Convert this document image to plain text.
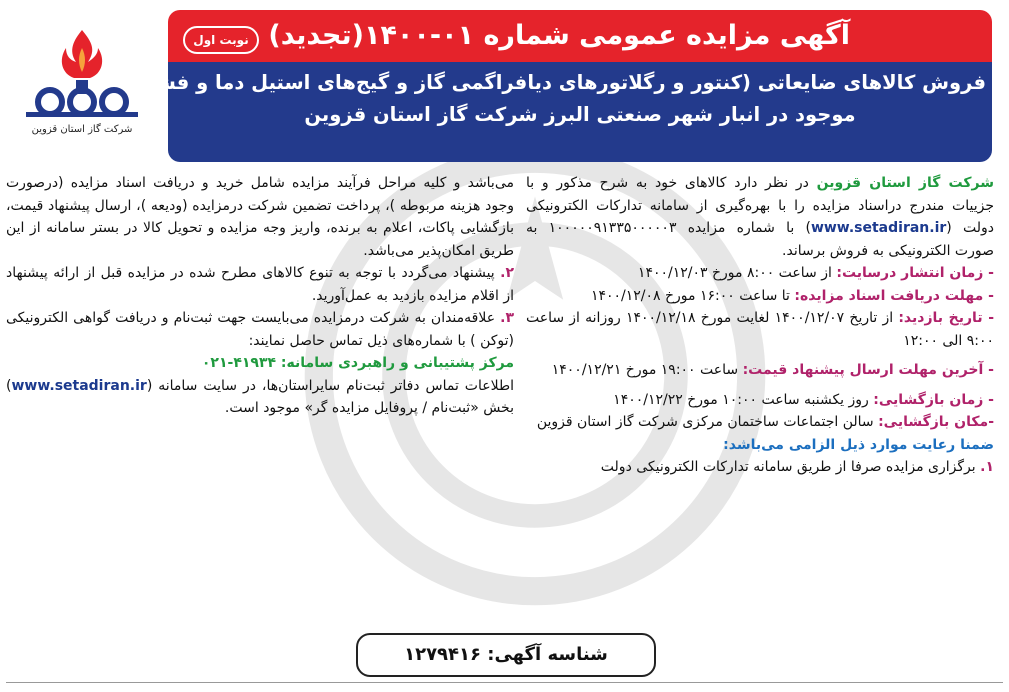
آگهی مزایده عمومی شماره ۰۱-۱۴۰۰(تجدید)
نوبت اول
فروش کالاهای ضایعاتی (کنتور و رگلاتورهای دیافراگمی گاز و گیج‌های استیل دما و فشار)
موجود در انبار شهر صنعتی البرز شرکت گاز استان قزوین
شرکت گاز استان قزوین

شرکت گاز استان قزوین در نظر دارد کالاهای خود به شرح مذکور و با جزییات مندرج دراسناد مزایده را با بهره‌گیری از سامانه تدارکات الکترونیکی دولت (www.setadiran.ir) با شماره مزایده ۱۰۰۰۰۰۹۱۳۳۵۰۰۰۰۰۳ به صورت الکترونیکی به فروش برساند.

- زمان انتشار درسایت: از ساعت ۸:۰۰ مورخ ۱۴۰۰/۱۲/۰۳

- مهلت دریافت اسناد مزایده: تا ساعت ۱۶:۰۰ مورخ ۱۴۰۰/۱۲/۰۸

- تاریخ بازدید: از تاریخ ۱۴۰۰/۱۲/۰۷ لغایت مورخ ۱۴۰۰/۱۲/۱۸ روزانه از ساعت ۹:۰۰ الی ۱۲:۰۰

- آخرین مهلت ارسال پیشنهاد قیمت: ساعت ۱۹:۰۰ مورخ ۱۴۰۰/۱۲/۲۱

- زمان بازگشایی: روز یکشنبه ساعت ۱۰:۰۰ مورخ ۱۴۰۰/۱۲/۲۲

-مکان بازگشایی: سالن اجتماعات ساختمان مرکزی شرکت گاز استان قزوین

ضمنا رعایت موارد ذیل الزامی می‌باشد:

۱. برگزاری مزایده صرفا از طریق سامانه تدارکات الکترونیکی دولت

می‌باشد و کلیه مراحل فرآیند مزایده شامل خرید و دریافت اسناد مزایده (درصورت وجود هزینه مربوطه )، پرداخت تضمین شرکت درمزایده (ودیعه )، ارسال پیشنهاد قیمت، بازگشایی پاکات، اعلام به برنده، واریز وجه مزایده و تحویل کالا در بستر سامانه از این طریق امکان‌پذیر می‌باشد.

۲. پیشنهاد می‌گردد با توجه به تنوع کالاهای مطرح شده در مزایده قبل از ارائه پیشنهاد از اقلام مزایده بازدید به عمل‌آورید.

۳. علاقه‌مندان به شرکت درمزایده می‌بایست جهت ثبت‌نام و دریافت گواهی الکترونیکی (توکن ) با شماره‌های ذیل تماس حاصل نمایند:

مرکز پشتیبانی و راهبردی سامانه: ۴۱۹۳۴-۰۲۱

اطلاعات تماس دفاتر ثبت‌نام سایراستان‌ها، در سایت سامانه (www.setadiran.ir) بخش «ثبت‌نام / پروفایل مزایده گر» موجود است.

شناسه آگهی: ۱۲۷۹۴۱۶
